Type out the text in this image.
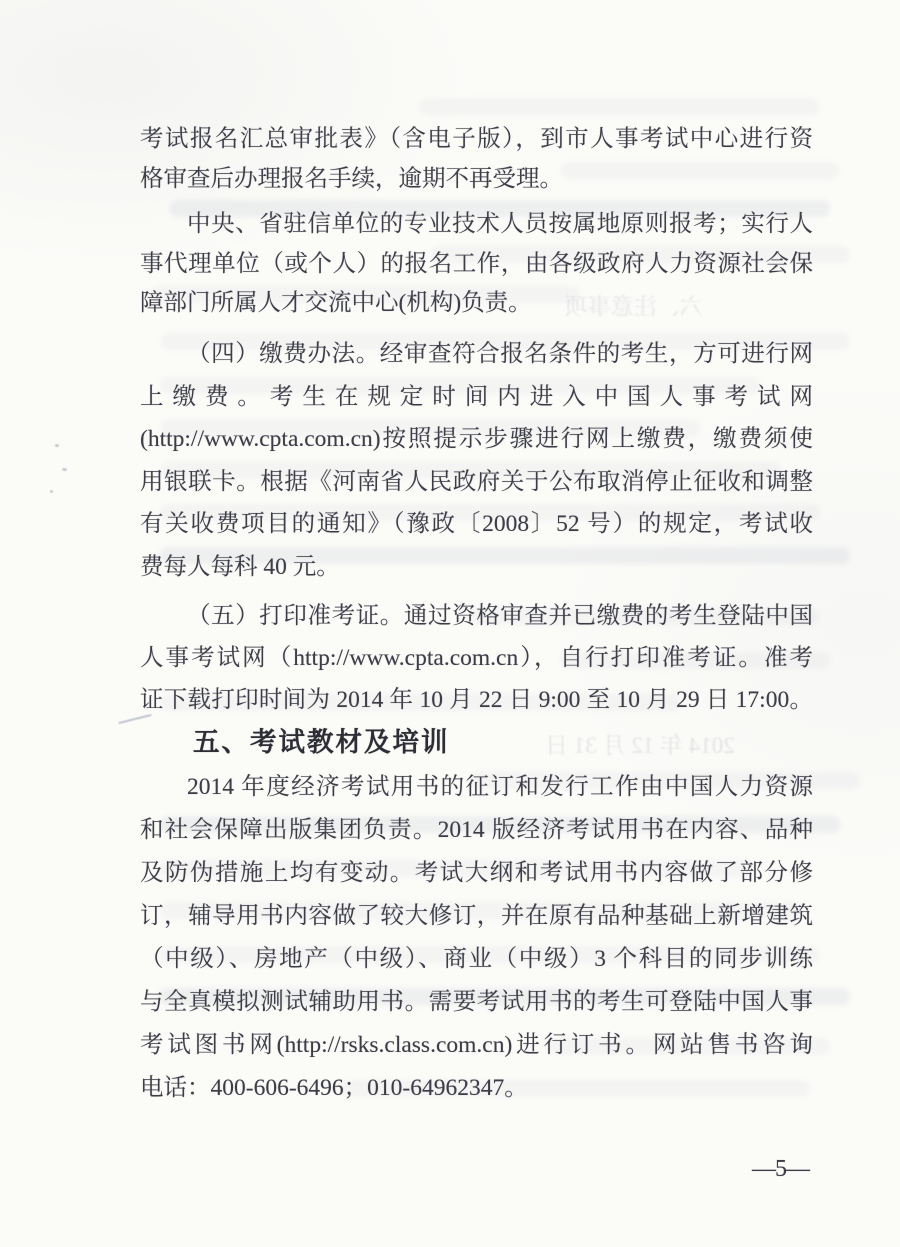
考试报名汇总审批表》（含电子版），到市人事考试中心进行资
格审查后办理报名手续，逾期不再受理。
中央、省驻信单位的专业技术人员按属地原则报考；实行人
事代理单位（或个人）的报名工作，由各级政府人力资源社会保
障部门所属人才交流中心(机构)负责。
（四）缴费办法。经审查符合报名条件的考生，方可进行网
上缴费。考生在规定时间内进入中国人事考试网
(http://www.cpta.com.cn)按照提示步骤进行网上缴费，缴费须使
用银联卡。根据《河南省人民政府关于公布取消停止征收和调整
有关收费项目的通知》（豫政〔2008〕52 号）的规定，考试收
费每人每科 40 元。
（五）打印准考证。通过资格审查并已缴费的考生登陆中国
人事考试网（http://www.cpta.com.cn），自行打印准考证。准考
证下载打印时间为 2014 年 10 月 22 日 9:00 至 10 月 29 日 17:00。
五、考试教材及培训
2014 年度经济考试用书的征订和发行工作由中国人力资源
和社会保障出版集团负责。2014 版经济考试用书在内容、品种
及防伪措施上均有变动。考试大纲和考试用书内容做了部分修
订，辅导用书内容做了较大修订，并在原有品种基础上新增建筑
（中级）、房地产（中级）、商业（中级）3 个科目的同步训练
与全真模拟测试辅助用书。需要考试用书的考生可登陆中国人事
考试图书网(http://rsks.class.com.cn)进行订书。网站售书咨询
电话：400-606-6496；010-64962347。
六、注意事项
2014 年 12 月 31 日
—5—
